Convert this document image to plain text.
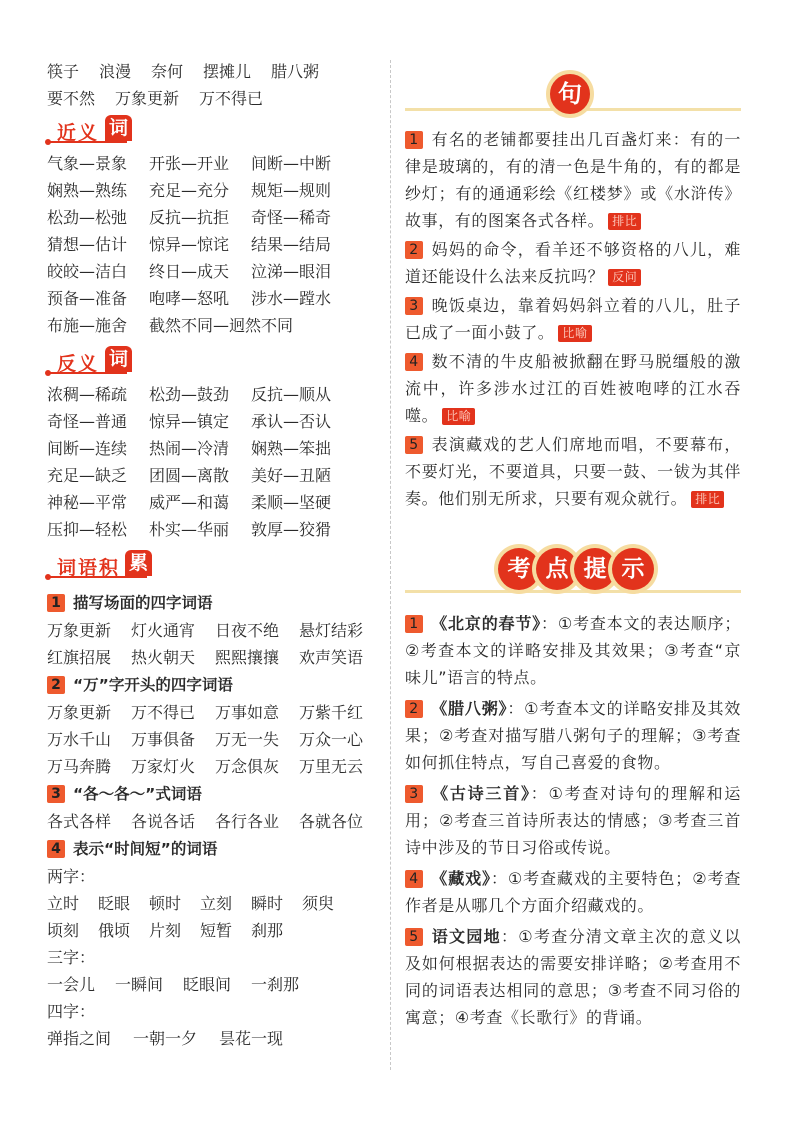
筷子 浪漫 奈何 摆摊儿 腊八粥
要不然 万象更新 万不得已
近义 词
气象—景象 开张—开业 间断—中断
娴熟—熟练 充足—充分 规矩—规则
松劲—松弛 反抗—抗拒 奇怪—稀奇
猜想—估计 惊异—惊诧 结果—结局
皎皎—洁白 终日—成天 泣涕—眼泪
预备—准备 咆哮—怒吼 涉水—蹚水
布施—施舍 截然不同—迥然不同
反义 词
浓稠—稀疏 松劲—鼓劲 反抗—顺从
奇怪—普通 惊异—镇定 承认—否认
间断—连续 热闹—冷清 娴熟—笨拙
充足—缺乏 团圆—离散 美好—丑陋
神秘—平常 威严—和蔼 柔顺—坚硬
压抑—轻松 朴实—华丽 敦厚—狡猾
词语积 累
1 描写场面的四字词语
万象更新 灯火通宵 日夜不绝 悬灯结彩
红旗招展 热火朝天 熙熙攘攘 欢声笑语
2 “万”字开头的四字词语
万象更新 万不得已 万事如意 万紫千红
万水千山 万事俱备 万无一失 万众一心
万马奔腾 万家灯火 万念俱灰 万里无云
3 “各～各～”式词语
各式各样 各说各话 各行各业 各就各位
4 表示“时间短”的词语
两字：
立时 眨眼 顿时 立刻 瞬时 须臾
顷刻 俄顷 片刻 短暂 刹那
三字：
一会儿 一瞬间 眨眼间 一刹那
四字：
弹指之间 一朝一夕 昙花一现
句
1 有名的老铺都要挂出几百盏灯来：有的一律是玻璃的，有的清一色是牛角的，有的都是纱灯；有的通通彩绘《红楼梦》或《水浒传》故事，有的图案各式各样。 排比
2 妈妈的命令，看羊还不够资格的八儿，难道还能设什么法来反抗吗？ 反问
3 晚饭桌边，靠着妈妈斜立着的八儿，肚子已成了一面小鼓了。 比喻
4 数不清的牛皮船被掀翻在野马脱缰般的激流中，许多涉水过江的百姓被咆哮的江水吞噬。 比喻
5 表演藏戏的艺人们席地而唱，不要幕布，不要灯光，不要道具，只要一鼓、一钹为其伴奏。他们别无所求，只要有观众就行。 排比
考 点 提 示
1 《北京的春节》：①考查本文的表达顺序；②考查本文的详略安排及其效果；③考查“京味儿”语言的特点。
2 《腊八粥》：①考查本文的详略安排及其效果；②考查对描写腊八粥句子的理解；③考查如何抓住特点，写自己喜爱的食物。
3 《古诗三首》：①考查对诗句的理解和运用；②考查三首诗所表达的情感；③考查三首诗中涉及的节日习俗或传说。
4 《藏戏》：①考查藏戏的主要特色；②考查作者是从哪几个方面介绍藏戏的。
5 语文园地：①考查分清文章主次的意义以及如何根据表达的需要安排详略；②考查用不同的词语表达相同的意思；③考查不同习俗的寓意；④考查《长歌行》的背诵。
